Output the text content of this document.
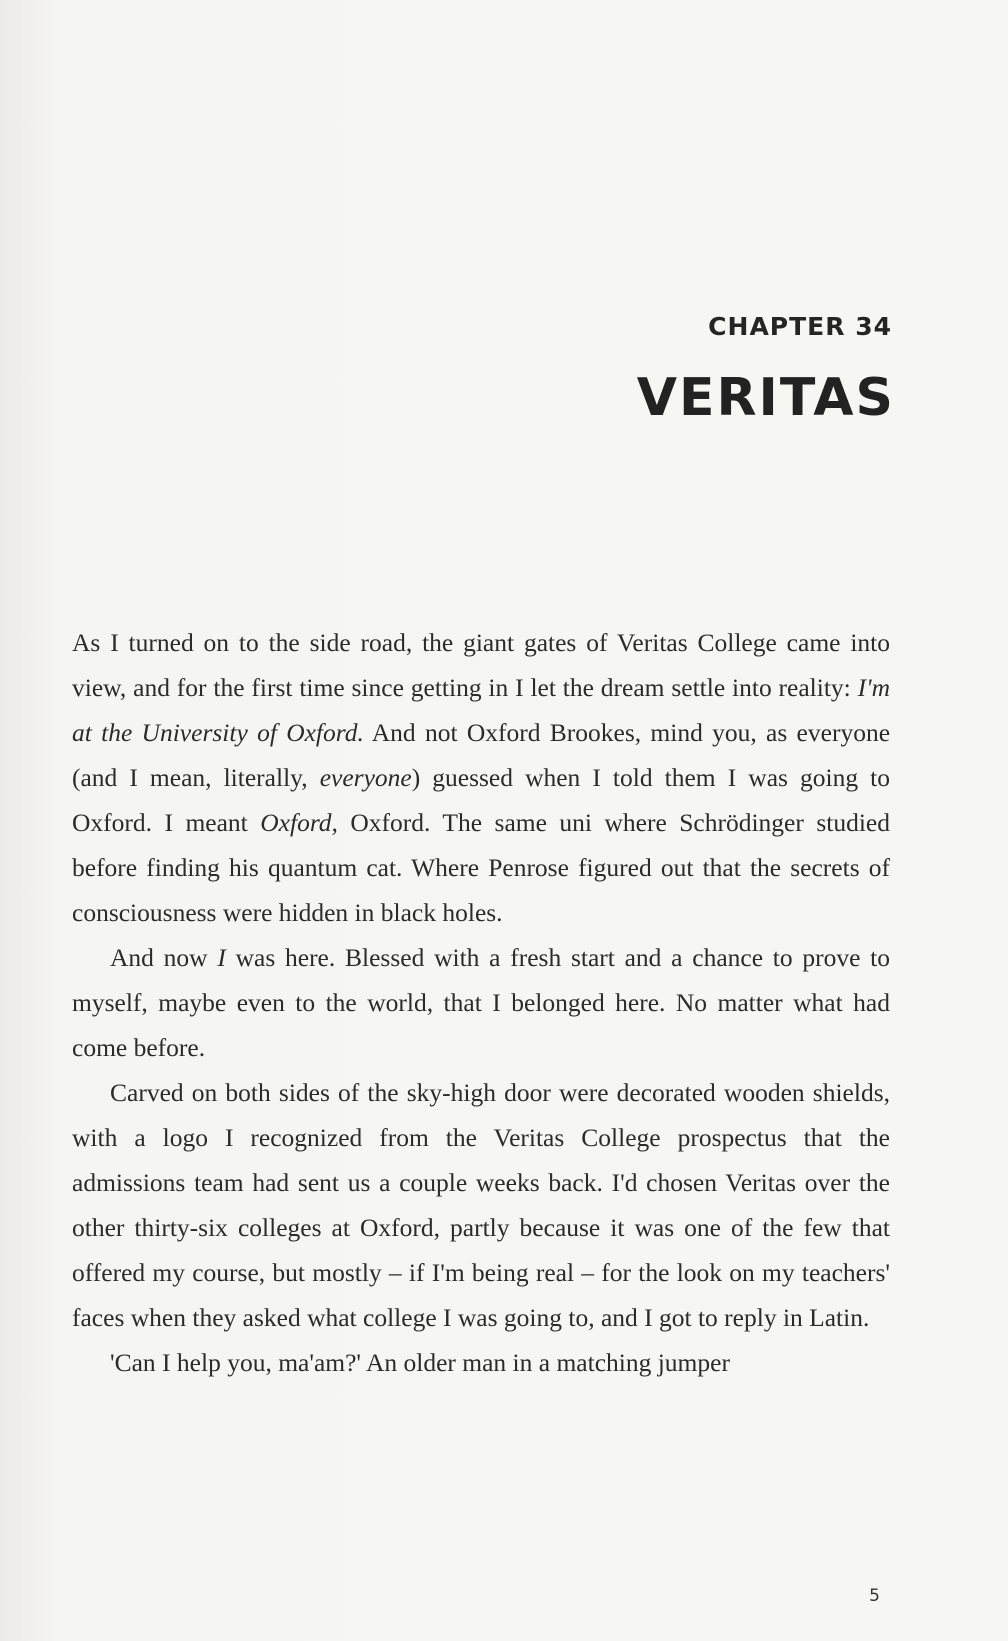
CHAPTER 34
VERITAS

As I turned on to the side road, the giant gates of Veritas College came into view, and for the first time since getting in I let the dream settle into reality: I'm at the University of Oxford. And not Oxford Brookes, mind you, as everyone (and I mean, literally, everyone) guessed when I told them I was going to Oxford. I meant Oxford, Oxford. The same uni where Schrödinger studied before finding his quantum cat. Where Penrose figured out that the secrets of consciousness were hidden in black holes.

And now I was here. Blessed with a fresh start and a chance to prove to myself, maybe even to the world, that I belonged here. No matter what had come before.

Carved on both sides of the sky-high door were decorated wooden shields, with a logo I recognized from the Veritas College prospectus that the admissions team had sent us a couple weeks back. I'd chosen Veritas over the other thirty-six colleges at Oxford, partly because it was one of the few that offered my course, but mostly – if I'm being real – for the look on my teachers' faces when they asked what college I was going to, and I got to reply in Latin.

'Can I help you, ma'am?' An older man in a matching jumper

5
